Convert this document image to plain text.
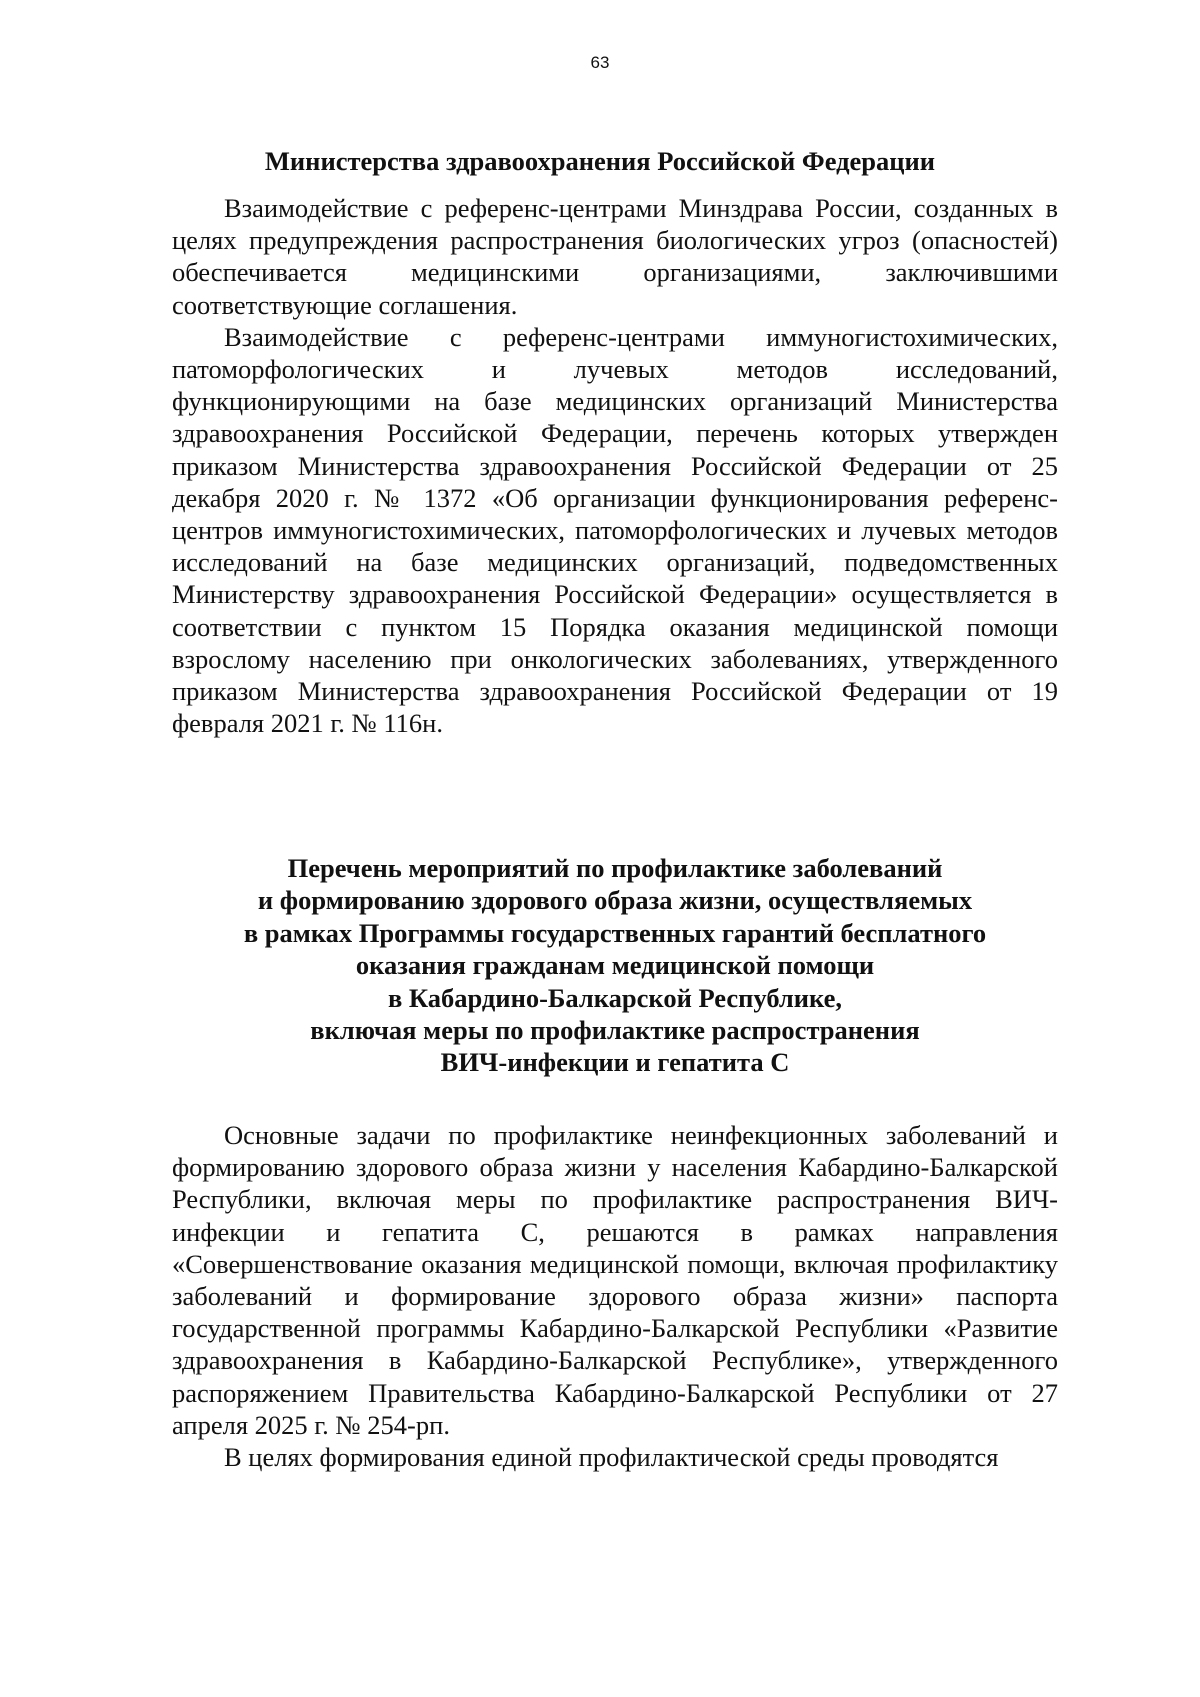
63
Министерства здравоохранения Российской Федерации

Взаимодействие с референс-центрами Минздрава России, созданных в целях предупреждения распространения биологических угроз (опасностей) обеспечивается медицинскими организациями, заключившими соответствующие соглашения.

Взаимодействие с референс-центрами иммуногистохимических, патоморфологических и лучевых методов исследований, функционирующими на базе медицинских организаций Министерства здравоохранения Российской Федерации, перечень которых утвержден приказом Министерства здравоохранения Российской Федерации от 25 декабря 2020 г. № 1372 «Об организации функционирования референс-центров иммуногистохимических, патоморфологических и лучевых методов исследований на базе медицинских организаций, подведомственных Министерству здравоохранения Российской Федерации» осуществляется в соответствии с пунктом 15 Порядка оказания медицинской помощи взрослому населению при онкологических заболеваниях, утвержденного приказом Министерства здравоохранения Российской Федерации от 19 февраля 2021 г. № 116н.

Перечень мероприятий по профилактике заболеваний
и формированию здорового образа жизни, осуществляемых
в рамках Программы государственных гарантий бесплатного
оказания гражданам медицинской помощи
в Кабардино-Балкарской Республике,
включая меры по профилактике распространения
ВИЧ-инфекции и гепатита С

Основные задачи по профилактике неинфекционных заболеваний и формированию здорового образа жизни у населения Кабардино-Балкарской Республики, включая меры по профилактике распространения ВИЧ-инфекции и гепатита С, решаются в рамках направления «Совершенствование оказания медицинской помощи, включая профилактику заболеваний и формирование здорового образа жизни» паспорта государственной программы Кабардино-Балкарской Республики «Развитие здравоохранения в Кабардино-Балкарской Республике», утвержденного распоряжением Правительства Кабардино-Балкарской Республики от 27 апреля 2025 г. № 254-рп.

В целях формирования единой профилактической среды проводятся
